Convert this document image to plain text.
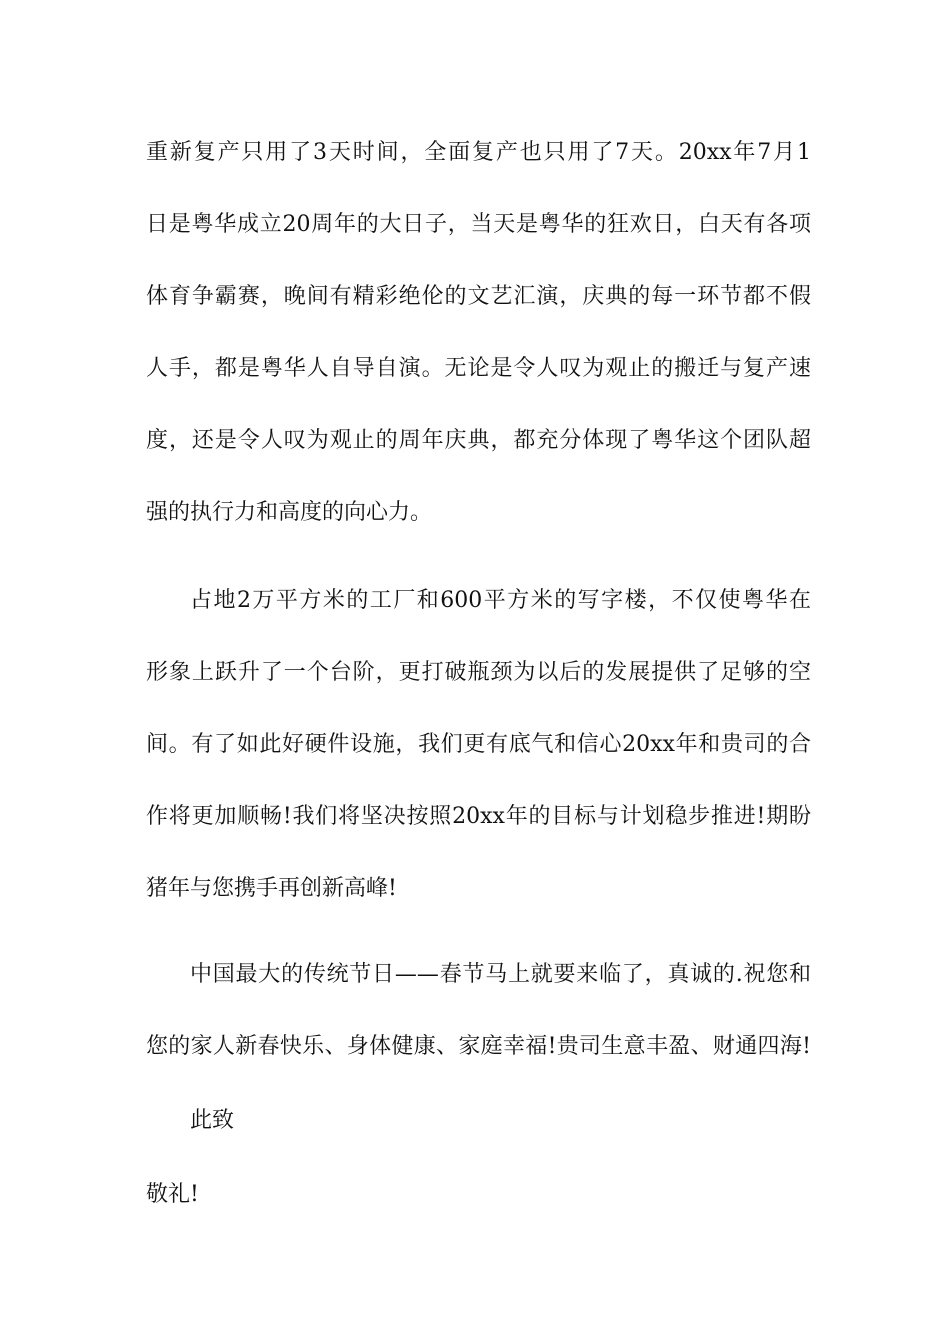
重新复产只用了3天时间，全面复产也只用了7天。20xx年7月1
日是粤华成立20周年的大日子，当天是粤华的狂欢日，白天有各项
体育争霸赛，晚间有精彩绝伦的文艺汇演，庆典的每一环节都不假
人手，都是粤华人自导自演。无论是令人叹为观止的搬迁与复产速
度，还是令人叹为观止的周年庆典，都充分体现了粤华这个团队超
强的执行力和高度的向心力。
占地2万平方米的工厂和600平方米的写字楼，不仅使粤华在
形象上跃升了一个台阶，更打破瓶颈为以后的发展提供了足够的空
间。有了如此好硬件设施，我们更有底气和信心20xx年和贵司的合
作将更加顺畅!我们将坚决按照20xx年的目标与计划稳步推进!期盼
猪年与您携手再创新高峰!
中国最大的传统节日——春节马上就要来临了，真诚的.祝您和
您的家人新春快乐、身体健康、家庭幸福!贵司生意丰盈、财通四海!
此致
敬礼!
